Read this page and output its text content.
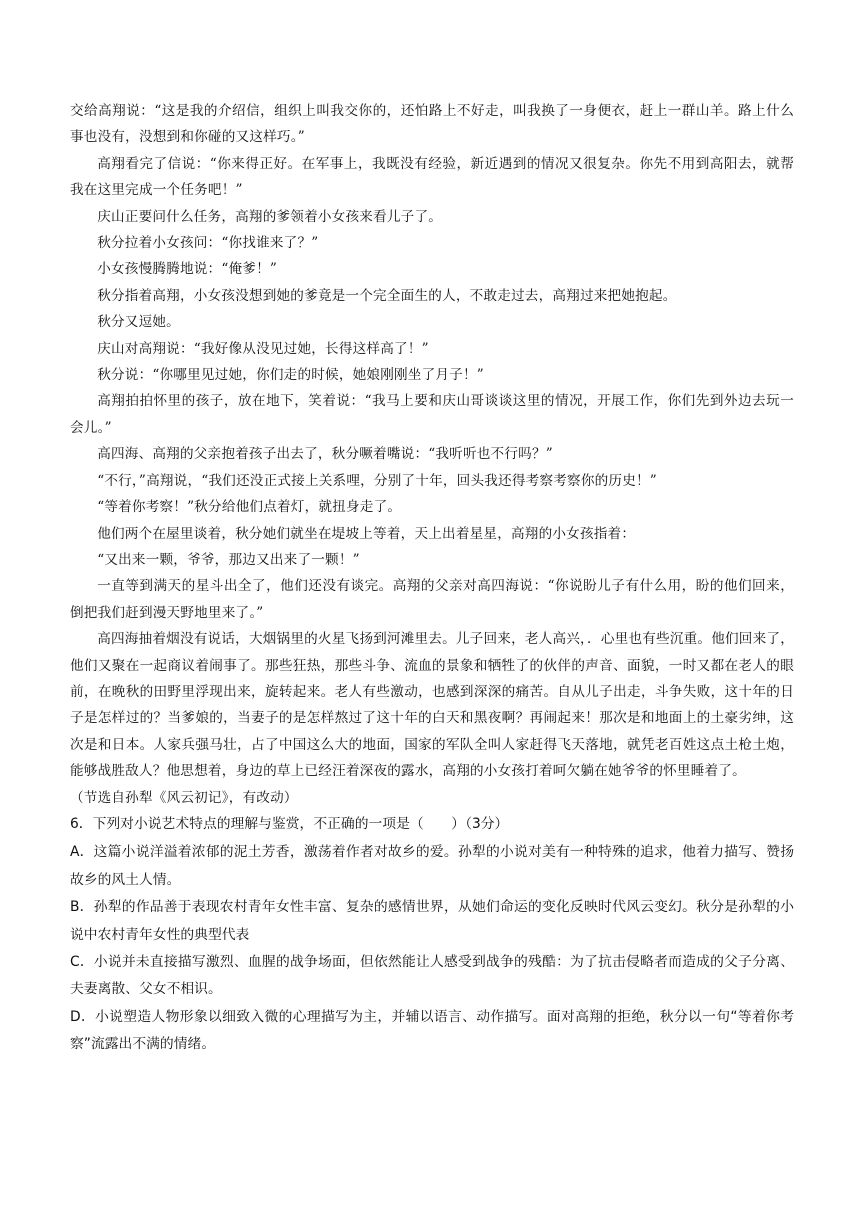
交给高翔说：“这是我的介绍信，组织上叫我交你的，还怕路上不好走，叫我换了一身便衣，赶上一群山羊。路上什么事也没有，没想到和你碰的又这样巧。”

高翔看完了信说：“你来得正好。在军事上，我既没有经验，新近遇到的情况又很复杂。你先不用到高阳去，就帮我在这里完成一个任务吧！”

庆山正要问什么任务，高翔的爹领着小女孩来看儿子了。

秋分拉着小女孩问：“你找谁来了？”

小女孩慢腾腾地说：“俺爹！”

秋分指着高翔，小女孩没想到她的爹竟是一个完全面生的人，不敢走过去，高翔过来把她抱起。

秋分又逗她。

庆山对高翔说：“我好像从没见过她，长得这样高了！”

秋分说：“你哪里见过她，你们走的时候，她娘刚刚坐了月子！”

高翔拍拍怀里的孩子，放在地下，笑着说：“我马上要和庆山哥谈谈这里的情况，开展工作，你们先到外边去玩一会儿。”

高四海、高翔的父亲抱着孩子出去了，秋分噘着嘴说：“我听听也不行吗？”

“不行，”高翔说，“我们还没正式接上关系哩，分别了十年，回头我还得考察考察你的历史！”

“等着你考察！”秋分给他们点着灯，就扭身走了。

他们两个在屋里谈着，秋分她们就坐在堤坡上等着，天上出着星星，高翔的小女孩指着：

“又出来一颗，爷爷，那边又出来了一颗！”

一直等到满天的星斗出全了，他们还没有谈完。高翔的父亲对高四海说：“你说盼儿子有什么用，盼的他们回来，倒把我们赶到漫天野地里来了。”

高四海抽着烟没有说话，大烟锅里的火星飞扬到河滩里去。儿子回来，老人高兴，．心里也有些沉重。他们回来了，他们又聚在一起商议着闹事了。那些狂热，那些斗争、流血的景象和牺牲了的伙伴的声音、面貌，一时又都在老人的眼前，在晚秋的田野里浮现出来，旋转起来。老人有些激动，也感到深深的痛苦。自从儿子出走，斗争失败，这十年的日子是怎样过的？当爹娘的，当妻子的是怎样熬过了这十年的白天和黑夜啊？再闹起来！那次是和地面上的土豪劣绅，这次是和日本。人家兵强马壮，占了中国这么大的地面，国家的军队全叫人家赶得飞天落地，就凭老百姓这点土枪土炮，能够战胜敌人？他思想着，身边的草上已经汪着深夜的露水，高翔的小女孩打着呵欠躺在她爷爷的怀里睡着了。

（节选自孙犁《风云初记》，有改动）

6．下列对小说艺术特点的理解与鉴赏，不正确的一项是（　　）（3分）

A．这篇小说洋溢着浓郁的泥土芳香，激荡着作者对故乡的爱。孙犁的小说对美有一种特殊的追求，他着力描写、赞扬故乡的风土人情。

B．孙犁的作品善于表现农村青年女性丰富、复杂的感情世界，从她们命运的变化反映时代风云变幻。秋分是孙犁的小说中农村青年女性的典型代表

C．小说并未直接描写激烈、血腥的战争场面，但依然能让人感受到战争的残酷：为了抗击侵略者而造成的父子分离、夫妻离散、父女不相识。

D．小说塑造人物形象以细致入微的心理描写为主，并辅以语言、动作描写。面对高翔的拒绝，秋分以一句“等着你考察”流露出不满的情绪。
